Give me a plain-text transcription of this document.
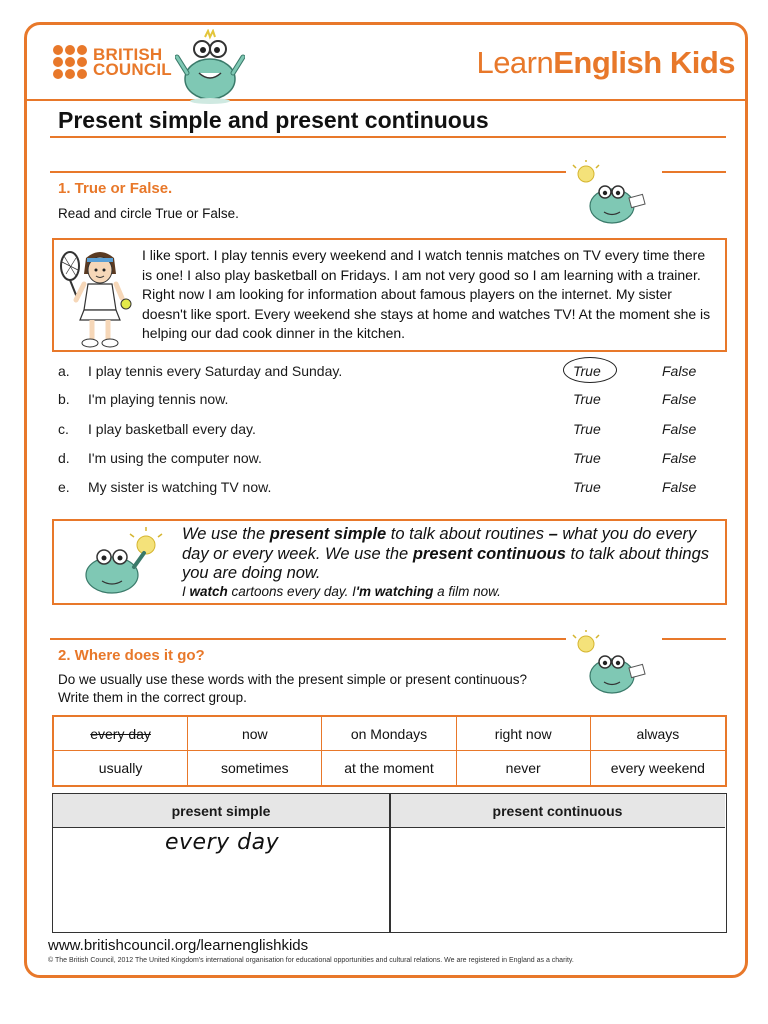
BRITISH
COUNCIL	LearnEnglish Kids
Present simple and present continuous
1. True or False.
Read and circle True or False.
I like sport. I play tennis every weekend and I watch tennis matches on TV every time there is one! I also play basketball on Fridays. I am not very good so I am learning with a trainer. Right now I am looking for information about famous players on the internet. My sister doesn't like sport. Every weekend she stays at home and watches TV! At the moment she is helping our dad cook dinner in the kitchen.
a. I play tennis every Saturday and Sunday.	True	False
b. I'm playing tennis now.	True	False
c. I play basketball every day.	True	False
d. I'm using the computer now.	True	False
e. My sister is watching TV now.	True	False
We use the present simple to talk about routines – what you do every day or every week. We use the present continuous to talk about things you are doing now.
I watch cartoons every day. I'm watching a film now.
2. Where does it go?
Do we usually use these words with the present simple or present continuous?
Write them in the correct group.
every day	now	on Mondays	right now	always
usually	sometimes	at the moment	never	every weekend
present simple	present continuous
every day
www.britishcouncil.org/learnenglishkids
© The British Council, 2012 The United Kingdom's international organisation for educational opportunities and cultural relations. We are registered in England as a charity.
